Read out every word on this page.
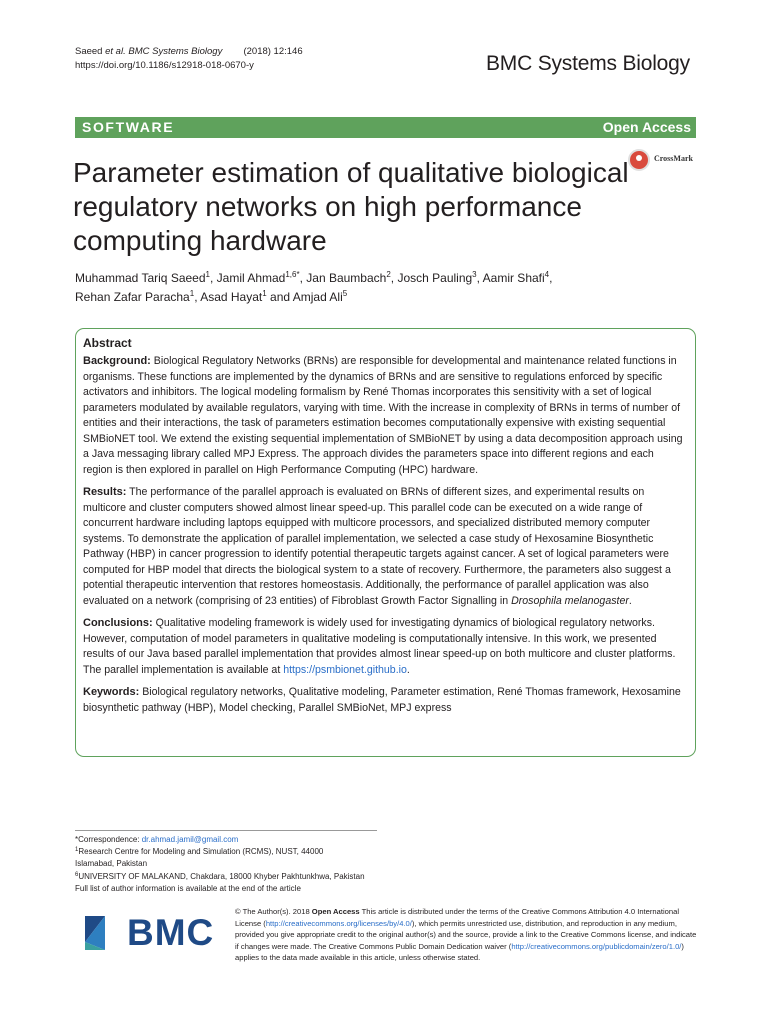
Saeed et al. BMC Systems Biology        (2018) 12:146
https://doi.org/10.1186/s12918-018-0670-y	BMC Systems Biology
SOFTWARE	Open Access
CrossMark
Parameter estimation of qualitative biological regulatory networks on high performance computing hardware
Muhammad Tariq Saeed$^1$, Jamil Ahmad$^{1,6*}$, Jan Baumbach$^2$, Josch Pauling$^3$, Aamir Shafi$^4$,
Rehan Zafar Paracha$^1$, Asad Hayat$^1$ and Amjad Ali$^5$
Abstract

Background: Biological Regulatory Networks (BRNs) are responsible for developmental and maintenance related functions in organisms. These functions are implemented by the dynamics of BRNs and are sensitive to regulations enforced by specific activators and inhibitors. The logical modeling formalism by René Thomas incorporates this sensitivity with a set of logical parameters modulated by available regulators, varying with time. With the increase in complexity of BRNs in terms of number of entities and their interactions, the task of parameters estimation becomes computationally expensive with existing sequential SMBioNET tool. We extend the existing sequential implementation of SMBioNET by using a data decomposition approach using a Java messaging library called MPJ Express. The approach divides the parameters space into different regions and each region is then explored in parallel on High Performance Computing (HPC) hardware.

Results: The performance of the parallel approach is evaluated on BRNs of different sizes, and experimental results on multicore and cluster computers showed almost linear speed-up. This parallel code can be executed on a wide range of concurrent hardware including laptops equipped with multicore processors, and specialized distributed memory computer systems. To demonstrate the application of parallel implementation, we selected a case study of Hexosamine Biosynthetic Pathway (HBP) in cancer progression to identify potential therapeutic targets against cancer. A set of logical parameters were computed for HBP model that directs the biological system to a state of recovery. Furthermore, the parameters also suggest a potential therapeutic intervention that restores homeostasis. Additionally, the performance of parallel application was also evaluated on a network (comprising of 23 entities) of Fibroblast Growth Factor Signalling in Drosophila melanogaster.

Conclusions: Qualitative modeling framework is widely used for investigating dynamics of biological regulatory networks. However, computation of model parameters in qualitative modeling is computationally intensive. In this work, we presented results of our Java based parallel implementation that provides almost linear speed-up on both multicore and cluster platforms. The parallel implementation is available at https://psmbionet.github.io.

Keywords: Biological regulatory networks, Qualitative modeling, Parameter estimation, René Thomas framework, Hexosamine biosynthetic pathway (HBP), Model checking, Parallel SMBioNet, MPJ express

*Correspondence: dr.ahmad.jamil@gmail.com
$^1$Research Centre for Modeling and Simulation (RCMS), NUST, 44000
Islamabad, Pakistan
$^6$UNIVERSITY OF MALAKAND, Chakdara, 18000 Khyber Pakhtunkhwa, Pakistan
Full list of author information is available at the end of the article
BMC
© The Author(s). 2018 Open Access This article is distributed under the terms of the Creative Commons Attribution 4.0 International License (http://creativecommons.org/licenses/by/4.0/), which permits unrestricted use, distribution, and reproduction in any medium, provided you give appropriate credit to the original author(s) and the source, provide a link to the Creative Commons license, and indicate if changes were made. The Creative Commons Public Domain Dedication waiver (http://creativecommons.org/publicdomain/zero/1.0/) applies to the data made available in this article, unless otherwise stated.
